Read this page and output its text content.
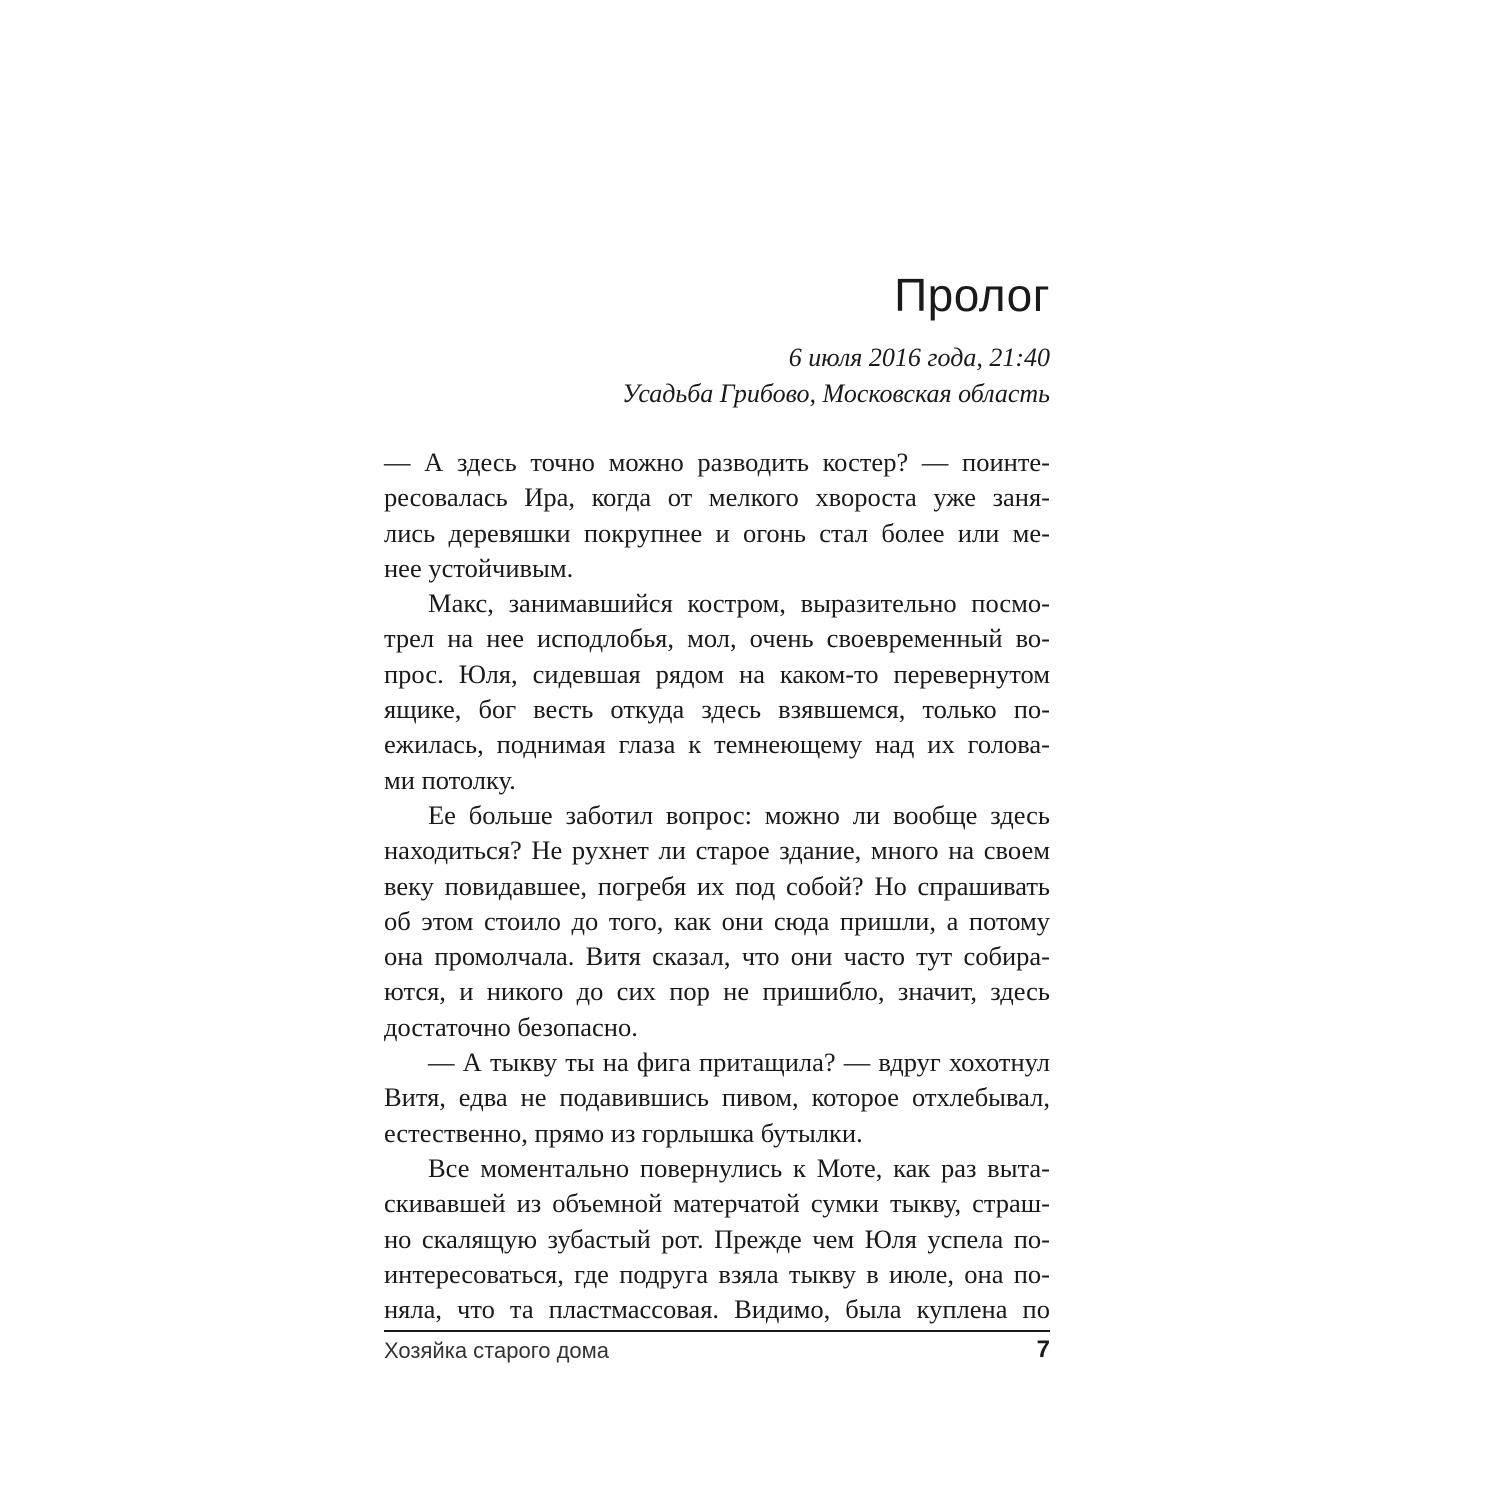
Пролог
6 июля 2016 года, 21:40
Усадьба Грибово, Московская область
— А здесь точно можно разводить костер? — поинте-
ресовалась Ира, когда от мелкого хвороста уже заня-
лись деревяшки покрупнее и огонь стал более или ме-
нее устойчивым.
Макс, занимавшийся костром, выразительно посмо-
трел на нее исподлобья, мол, очень своевременный во-
прос. Юля, сидевшая рядом на каком-то перевернутом
ящике, бог весть откуда здесь взявшемся, только по-
ежилась, поднимая глаза к темнеющему над их голова-
ми потолку.
Ее больше заботил вопрос: можно ли вообще здесь
находиться? Не рухнет ли старое здание, много на своем
веку повидавшее, погребя их под собой? Но спрашивать
об этом стоило до того, как они сюда пришли, а потому
она промолчала. Витя сказал, что они часто тут собира-
ются, и никого до сих пор не пришибло, значит, здесь
достаточно безопасно.
— А тыкву ты на фига притащила? — вдруг хохотнул
Витя, едва не подавившись пивом, которое отхлебывал,
естественно, прямо из горлышка бутылки.
Все моментально повернулись к Моте, как раз выта-
скивавшей из объемной матерчатой сумки тыкву, страш-
но скалящую зубастый рот. Прежде чем Юля успела по-
интересоваться, где подруга взяла тыкву в июле, она по-
няла, что та пластмассовая. Видимо, была куплена по
Хозяйка старого дома	7
